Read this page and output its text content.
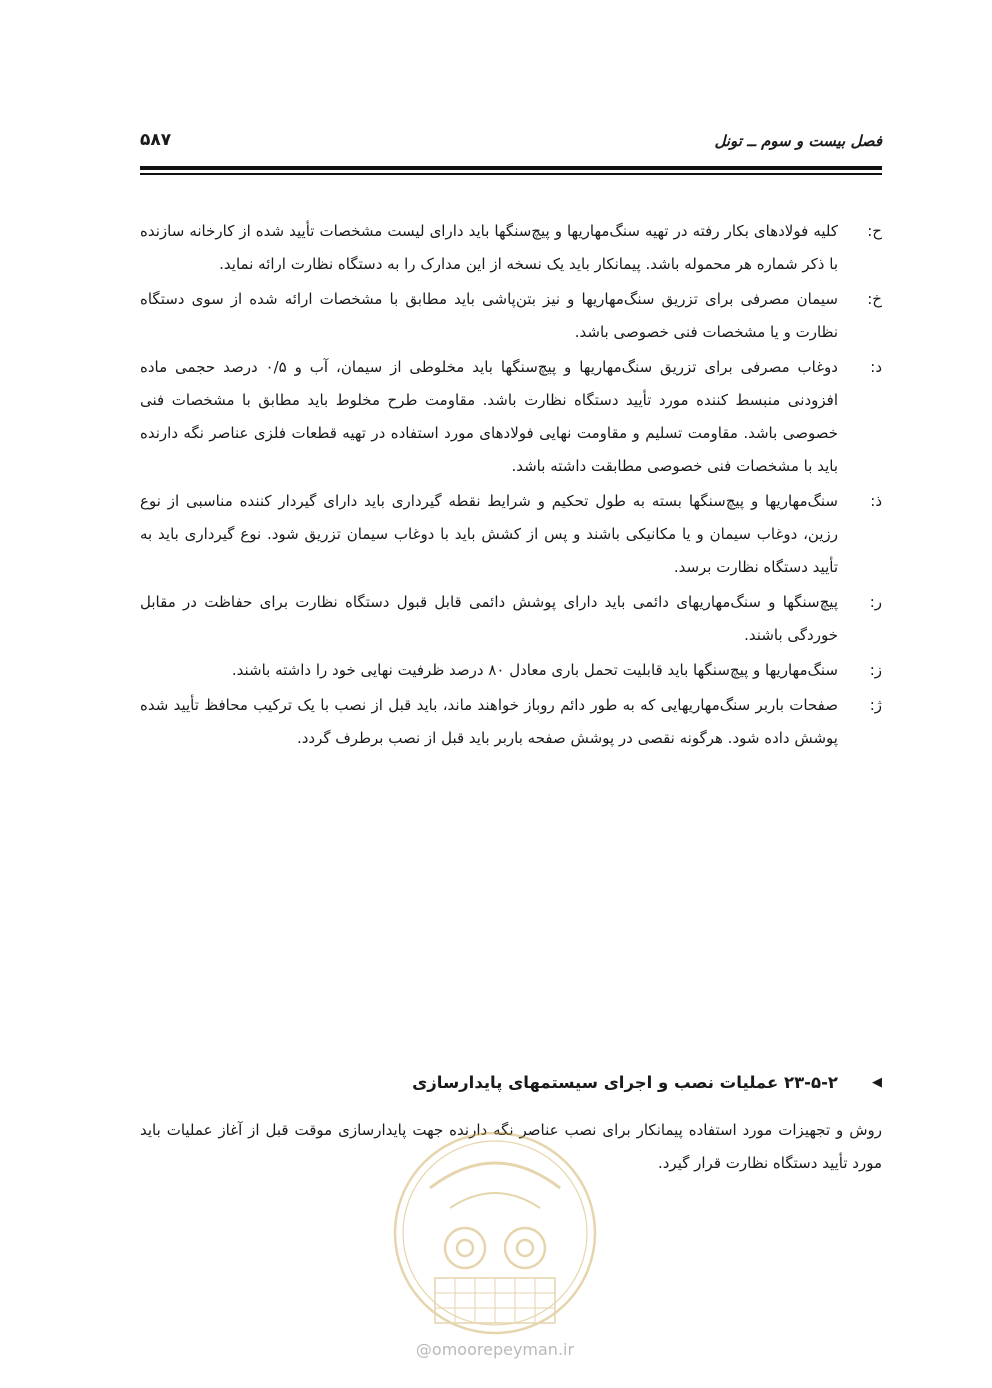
فصل بیست و سوم ــ تونل
۵۸۷
ح:
کلیه فولادهای بکار رفته در تهیه سنگ‌مهاریها و پیچ‌سنگها باید دارای لیست مشخصات تأیید شده از کارخانه سازنده با ذکر شماره هر محموله باشد. پیمانکار باید یک نسخه از این مدارک را به دستگاه نظارت ارائه نماید.
خ:
سیمان مصرفی برای تزریق سنگ‌مهاریها و نیز بتن‌پاشی باید مطابق با مشخصات ارائه شده از سوی دستگاه نظارت و یا مشخصات فنی خصوصی باشد.
د:
دوغاب مصرفی برای تزریق سنگ‌مهاریها و پیچ‌سنگها باید مخلوطی از سیمان، آب و ۰/۵ درصد حجمی ماده افزودنی منبسط کننده مورد تأیید دستگاه نظارت باشد. مقاومت طرح مخلوط باید مطابق با مشخصات فنی خصوصی باشد. مقاومت تسلیم و مقاومت نهایی فولادهای مورد استفاده در تهیه قطعات فلزی عناصر نگه دارنده باید با مشخصات فنی خصوصی مطابقت داشته باشد.
ذ:
سنگ‌مهاریها و پیچ‌سنگها بسته به طول تحکیم و شرایط نقطه گیرداری باید دارای گیردار کننده مناسبی از نوع رزین، دوغاب سیمان و یا مکانیکی باشند و پس از کشش باید با دوغاب سیمان تزریق شود. نوع گیرداری باید به تأیید دستگاه نظارت برسد.
ر:
پیچ‌سنگها و سنگ‌مهاریهای دائمی باید دارای پوشش دائمی قابل قبول دستگاه نظارت برای حفاظت در مقابل خوردگی باشند.
ز:
سنگ‌مهاریها و پیچ‌سنگها باید قابلیت تحمل باری معادل ۸۰ درصد ظرفیت نهایی خود را داشته باشند.
ژ:
صفحات باربر سنگ‌مهاریهایی که به طور دائم روباز خواهند ماند، باید قبل از نصب با یک ترکیب محافظ تأیید شده پوشش داده شود. هرگونه نقصی در پوشش صفحه باربر باید قبل از نصب برطرف گردد.
◀
۲۳-۵-۲ عملیات نصب و اجرای سیستمهای پایدارسازی
روش و تجهیزات مورد استفاده پیمانکار برای نصب عناصر نگه دارنده جهت پایدارسازی موقت قبل از آغاز عملیات باید مورد تأیید دستگاه نظارت قرار گیرد.
@omoorepeyman.ir
